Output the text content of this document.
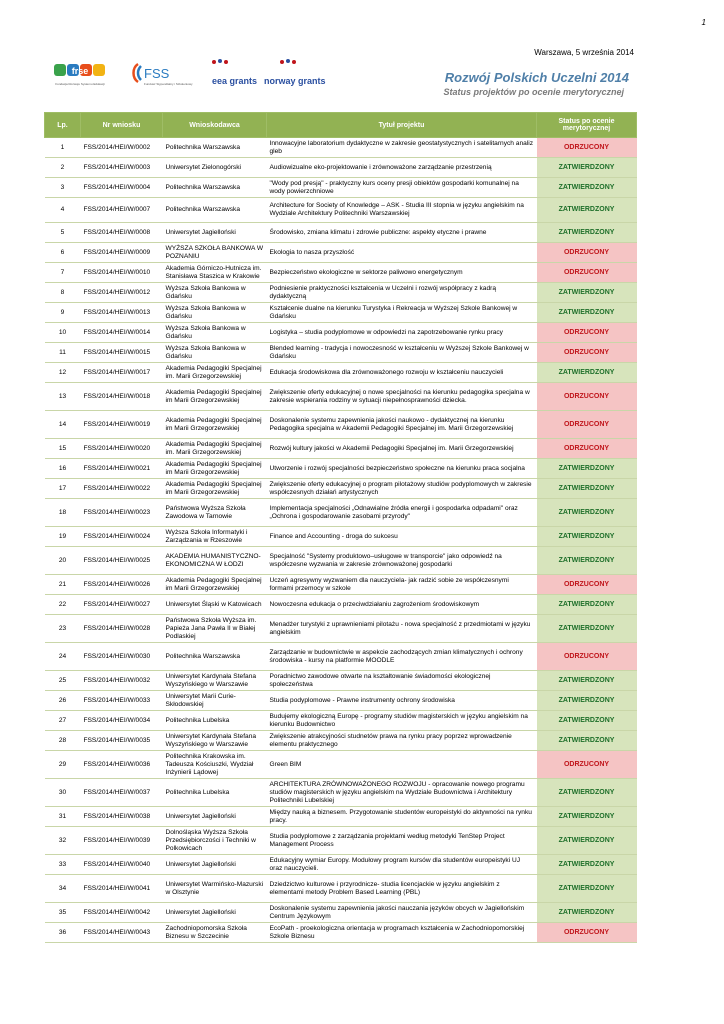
1
Warszawa, 5 września 2014
frse
Fundacja Rozwoju Systemu Edukacji
FSS
Fundusz Stypendialny i Szkoleniowy eea grants norway grants	Rozwój Polskich Uczelni 2014
Status projektów po ocenie merytorycznej
Lp.	Nr wniosku	Wnioskodawca	Tytuł projektu	Status po ocenie merytorycznej
1	FSS/2014/HEI/W/0002	Politechnika Warszawska	Innowacyjne laboratorium dydaktyczne w zakresie geostatystycznych i satelitarnych analiz gleb	ODRZUCONY
2	FSS/2014/HEI/W/0003	Uniwersytet Zielonogórski	Audiowizualne eko-projektowanie i zrównoważone zarządzanie przestrzenią	ZATWIERDZONY
3	FSS/2014/HEI/W/0004	Politechnika Warszawska	"Wody pod presją" - praktyczny kurs oceny presji obiektów gospodarki komunalnej na wody powierzchniowe	ZATWIERDZONY
4	FSS/2014/HEI/W/0007	Politechnika Warszawska	Architecture for Society of Knowledge – ASK - Studia III stopnia w języku angielskim na Wydziale Architektury Politechniki Warszawskiej	ZATWIERDZONY
5	FSS/2014/HEI/W/0008	Uniwersytet Jagielloński	Środowisko, zmiana klimatu i zdrowie publiczne: aspekty etyczne i prawne	ZATWIERDZONY
6	FSS/2014/HEI/W/0009	WYŻSZA SZKOŁA BANKOWA W POZNANIU	Ekologia to nasza przyszłość	ODRZUCONY
7	FSS/2014/HEI/W/0010	Akademia Górniczo-Hutnicza im. Stanisława Staszica w Krakowie	Bezpieczeństwo ekologiczne w sektorze paliwowo energetycznym	ODRZUCONY
8	FSS/2014/HEI/W/0012	Wyższa Szkoła Bankowa w Gdańsku	Podniesienie praktyczności kształcenia w Uczelni i rozwój współpracy z kadrą dydaktyczną	ZATWIERDZONY
9	FSS/2014/HEI/W/0013	Wyższa Szkoła Bankowa w Gdańsku	Kształcenie dualne na kierunku Turystyka i Rekreacja w Wyższej Szkole Bankowej w Gdańsku	ZATWIERDZONY
10	FSS/2014/HEI/W/0014	Wyższa Szkoła Bankowa w Gdańsku	Logistyka – studia podyplomowe w odpowiedzi na zapotrzebowanie rynku pracy	ODRZUCONY
11	FSS/2014/HEI/W/0015	Wyższa Szkoła Bankowa w Gdańsku	Blended learning - tradycja i nowoczesność w kształceniu w Wyższej Szkole Bankowej w Gdańsku	ODRZUCONY
12	FSS/2014/HEI/W/0017	Akademia Pedagogiki Specjalnej im. Marii Grzegorzewskiej	Edukacja środowiskowa dla zrównoważonego rozwoju w kształceniu nauczycieli	ZATWIERDZONY
13	FSS/2014/HEI/W/0018	Akademia Pedagogiki Specjalnej im Marii Grzegorzewskiej	Zwiększenie oferty edukacyjnej o nowe specjalności na kierunku pedagogika specjalna w zakresie wspierania rodziny w sytuacji niepełnosprawności dziecka.	ODRZUCONY
14	FSS/2014/HEI/W/0019	Akademia Pedagogiki Specjalnej im Marii Grzegorzewskiej	Doskonalenie systemu zapewnienia jakości naukowo - dydaktycznej na kierunku Pedagogika specjalna w Akademii Pedagogiki Specjalnej im. Marii Grzegorzewskiej	ODRZUCONY
15	FSS/2014/HEI/W/0020	Akademia Pedagogiki Specjalnej im. Marii Grzegorzewskiej	Rozwój kultury jakości w Akademii Pedagogiki Specjalnej im. Marii Grzegorzewskiej	ODRZUCONY
16	FSS/2014/HEI/W/0021	Akademia Pedagogiki Specjalnej im Marii Grzegorzewskiej	Utworzenie i rozwój specjalności bezpieczeństwo społeczne na kierunku praca socjalna	ZATWIERDZONY
17	FSS/2014/HEI/W/0022	Akademia Pedagogiki Specjalnej im Marii Grzegorzewskiej	Zwiększenie oferty edukacyjnej o program pilotażowy studiów podyplomowych w zakresie współczesnych działań artystycznych	ZATWIERDZONY
18	FSS/2014/HEI/W/0023	Państwowa Wyższa Szkoła Zawodowa w Tarnowie	Implementacja specjalności „Odnawialne źródła energii i gospodarka odpadami" oraz „Ochrona i gospodarowanie zasobami przyrody"	ZATWIERDZONY
19	FSS/2014/HEI/W/0024	Wyższa Szkoła Informatyki i Zarządzania w Rzeszowie	Finance and Accounting - droga do sukcesu	ZATWIERDZONY
20	FSS/2014/HEI/W/0025	AKADEMIA HUMANISTYCZNO-EKONOMICZNA W ŁODZI	Specjalność "Systemy produktowo–usługowe w transporcie" jako odpowiedź na współczesne wyzwania w zakresie zrównoważonej gospodarki	ZATWIERDZONY
21	FSS/2014/HEI/W/0026	Akademia Pedagogiki Specjalnej im Marii Grzegorzewskiej	Uczeń agresywny wyzwaniem dla nauczyciela- jak radzić sobie ze współczesnymi formami przemocy w szkole	ODRZUCONY
22	FSS/2014/HEI/W/0027	Uniwersytet Śląski w Katowicach	Nowoczesna edukacja o przeciwdziałaniu zagrożeniom środowiskowym	ZATWIERDZONY
23	FSS/2014/HEI/W/0028	Państwowa Szkoła Wyższa im. Papieża Jana Pawła II w Białej Podlaskiej	Menadżer turystyki z uprawnieniami pilotażu - nowa specjalność z przedmiotami w języku angielskim	ZATWIERDZONY
24	FSS/2014/HEI/W/0030	Politechnika Warszawska	Zarządzanie w budownictwie w aspekcie zachodzących zmian klimatycznych i ochrony środowiska - kursy na platformie MOODLE	ODRZUCONY
25	FSS/2014/HEI/W/0032	Uniwersytet Kardynała Stefana Wyszyńskiego w Warszawie	Poradnictwo zawodowe otwarte na kształtowanie świadomości ekologicznej społeczeństwa	ZATWIERDZONY
26	FSS/2014/HEI/W/0033	Uniwersytet Marii Curie-Skłodowskiej	Studia podyplomowe - Prawne instrumenty ochrony środowiska	ZATWIERDZONY
27	FSS/2014/HEI/W/0034	Politechnika Lubelska	Budujemy ekologiczną Europę - programy studiów magisterskich w języku angielskim na kierunku Budownictwo	ZATWIERDZONY
28	FSS/2014/HEI/W/0035	Uniwersytet Kardynała Stefana Wyszyńskiego w Warszawie	Zwiększenie atrakcyjności studnetów prawa na rynku pracy poprzez wprowadzenie elementu praktycznego	ZATWIERDZONY
29	FSS/2014/HEI/W/0036	Politechnika Krakowska im. Tadeusza Kościuszki, Wydział Inżynierii Lądowej	Green BIM	ODRZUCONY
30	FSS/2014/HEI/W/0037	Politechnika Lubelska	ARCHITEKTURA ZRÓWNOWAŻONEGO ROZWOJU - opracowanie nowego programu studiów magisterskich w języku angielskim na Wydziale Budownictwa i Architektury Politechniki Lubelskiej	ZATWIERDZONY
31	FSS/2014/HEI/W/0038	Uniwersytet Jagielloński	Między nauką a biznesem. Przygotowanie studentów europeistyki do aktywności na rynku pracy.	ZATWIERDZONY
32	FSS/2014/HEI/W/0039	Dolnośląska Wyższa Szkoła Przedsiębiorczości i Techniki w Polkowicach	Studia podyplomowe z zarządzania projektami według metodyki TenStep Project Management Process	ZATWIERDZONY
33	FSS/2014/HEI/W/0040	Uniwersytet Jagielloński	Edukacyjny wymiar Europy. Modułowy program kursów dla studentów europeistyki UJ oraz nauczycieli.	ZATWIERDZONY
34	FSS/2014/HEI/W/0041	Uniwersytet Warmińsko-Mazurski w Olsztynie	Dziedzictwo kulturowe i przyrodnicze- studia licencjackie w języku angielskim z elementami metody Problem Based Learning (PBL)	ZATWIERDZONY
35	FSS/2014/HEI/W/0042	Uniwersytet Jagielloński	Doskonalenie systemu zapewnienia jakości nauczania języków obcych w Jagiellońskim Centrum Językowym	ZATWIERDZONY
36	FSS/2014/HEI/W/0043	Zachodniopomorska Szkoła Biznesu w Szczecinie	EcoPath - proekologiczna orientacja w programach kształcenia w Zachodniopomorskiej Szkole Biznesu	ODRZUCONY
